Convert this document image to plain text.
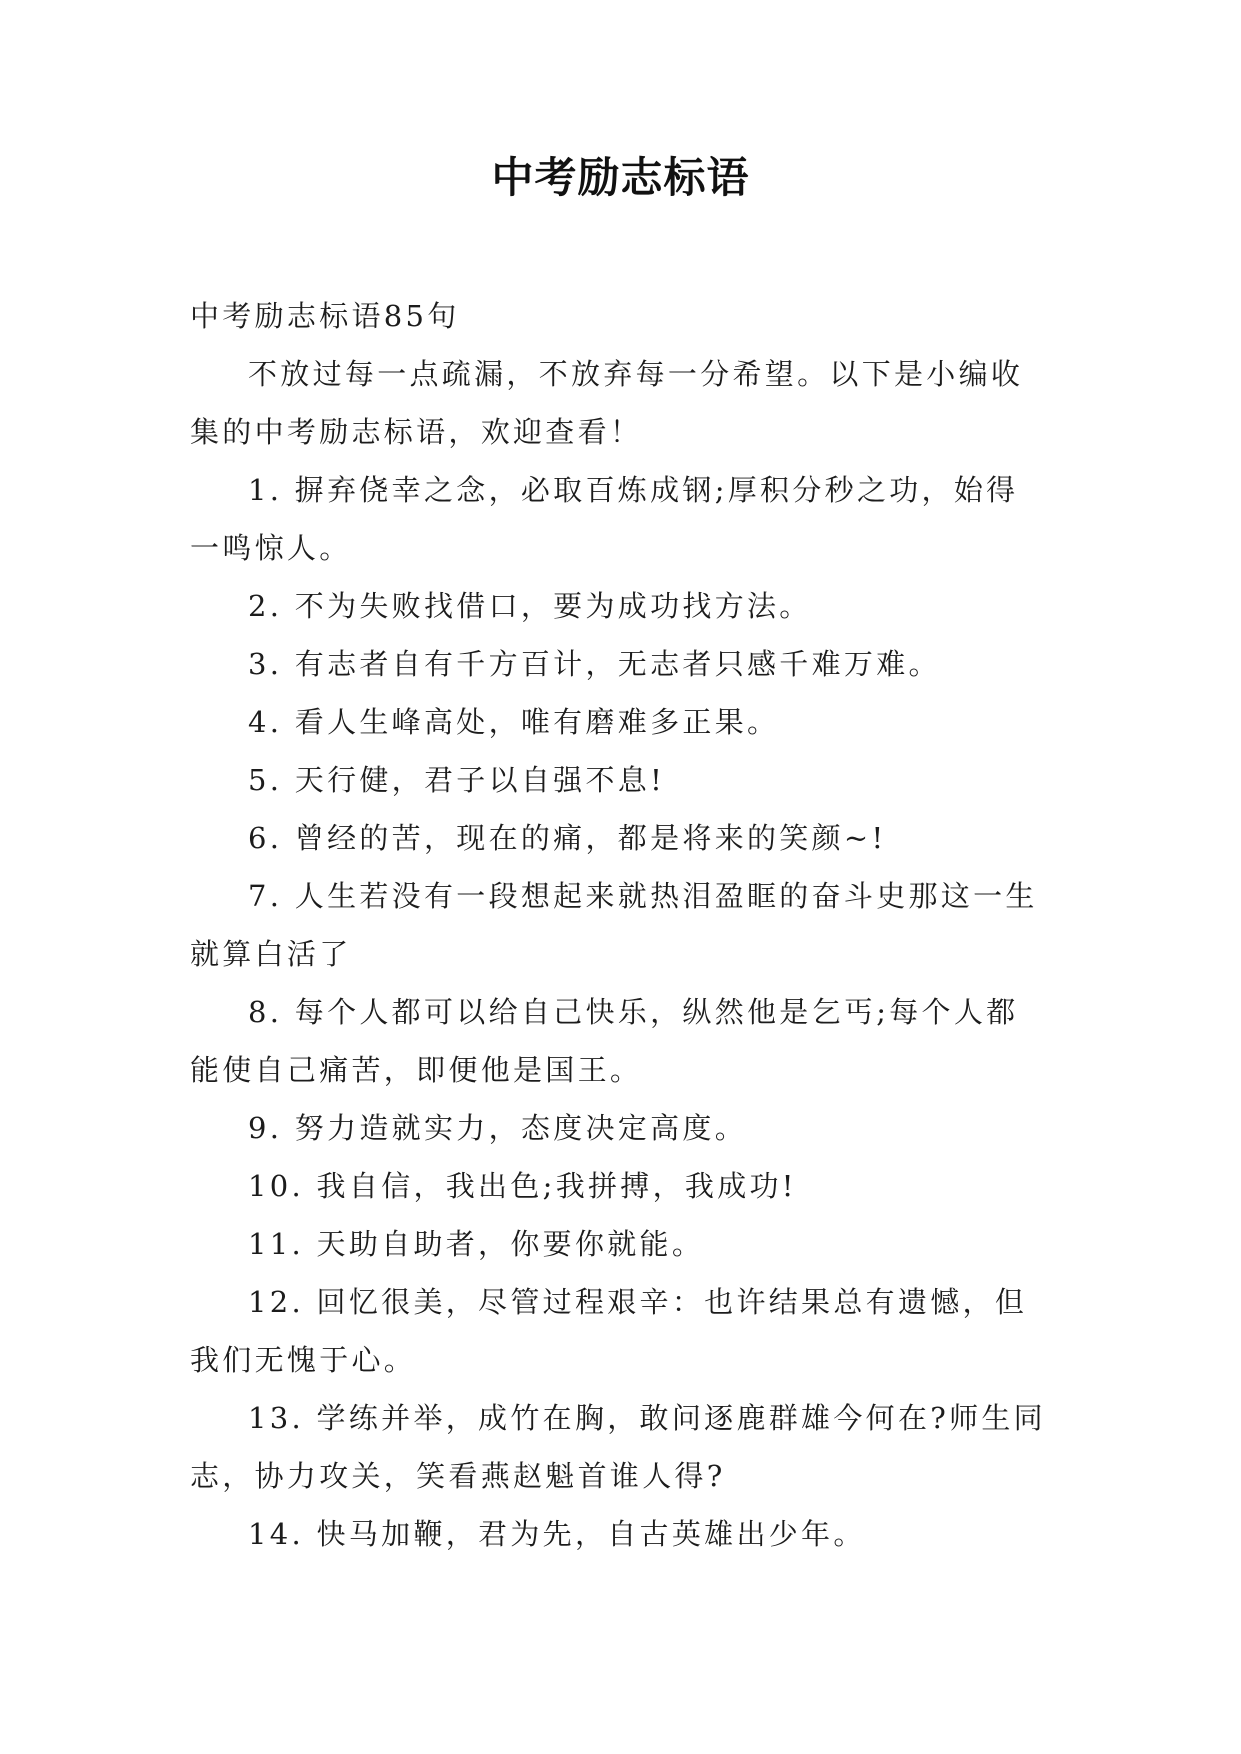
中考励志标语

中考励志标语85句

不放过每一点疏漏，不放弃每一分希望。以下是小编收集的中考励志标语，欢迎查看！

1. 摒弃侥幸之念，必取百炼成钢;厚积分秒之功，始得一鸣惊人。

2. 不为失败找借口，要为成功找方法。

3. 有志者自有千方百计，无志者只感千难万难。

4. 看人生峰高处，唯有磨难多正果。

5. 天行健，君子以自强不息!

6. 曾经的苦，现在的痛，都是将来的笑颜~!

7. 人生若没有一段想起来就热泪盈眶的奋斗史那这一生就算白活了

8. 每个人都可以给自己快乐，纵然他是乞丐;每个人都能使自己痛苦，即便他是国王。

9. 努力造就实力，态度决定高度。

10. 我自信，我出色;我拼搏，我成功!

11. 天助自助者，你要你就能。

12. 回忆很美，尽管过程艰辛：也许结果总有遗憾，但我们无愧于心。

13. 学练并举，成竹在胸，敢问逐鹿群雄今何在?师生同志，协力攻关，笑看燕赵魁首谁人得?

14. 快马加鞭，君为先，自古英雄出少年。
